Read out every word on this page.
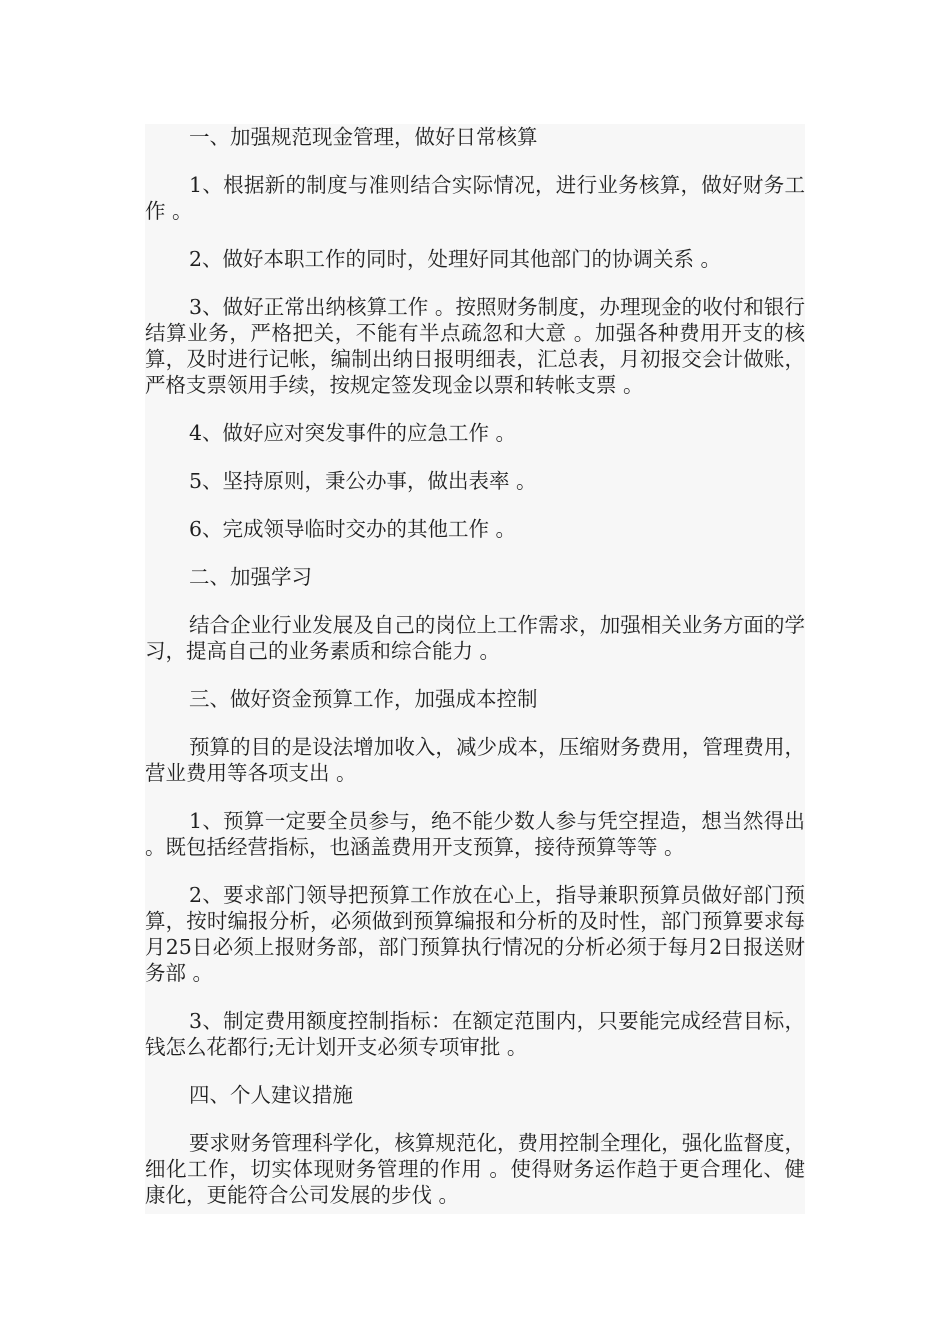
一、加强规范现金管理，做好日常核算

1、根据新的制度与准则结合实际情况，进行业务核算，做好财务工作 。

2、做好本职工作的同时，处理好同其他部门的协调关系 。

3、做好正常出纳核算工作 。按照财务制度，办理现金的收付和银行结算业务，严格把关，不能有半点疏忽和大意 。加强各种费用开支的核算，及时进行记帐，编制出纳日报明细表，汇总表，月初报交会计做账，严格支票领用手续，按规定签发现金以票和转帐支票 。

4、做好应对突发事件的应急工作 。

5、坚持原则，秉公办事，做出表率 。

6、完成领导临时交办的其他工作 。

二、加强学习

结合企业行业发展及自己的岗位上工作需求，加强相关业务方面的学习，提高自己的业务素质和综合能力 。

三、做好资金预算工作，加强成本控制

预算的目的是设法增加收入，减少成本，压缩财务费用，管理费用，营业费用等各项支出 。

1、预算一定要全员参与，绝不能少数人参与凭空捏造，想当然得出 。既包括经营指标，也涵盖费用开支预算，接待预算等等 。

2、要求部门领导把预算工作放在心上，指导兼职预算员做好部门预算，按时编报分析，必须做到预算编报和分析的及时性，部门预算要求每月25日必须上报财务部，部门预算执行情况的分析必须于每月2日报送财务部 。

3、制定费用额度控制指标：在额定范围内，只要能完成经营目标，钱怎么花都行;无计划开支必须专项审批 。

四、个人建议措施

要求财务管理科学化，核算规范化，费用控制全理化，强化监督度，细化工作，切实体现财务管理的作用 。使得财务运作趋于更合理化、健康化，更能符合公司发展的步伐 。
